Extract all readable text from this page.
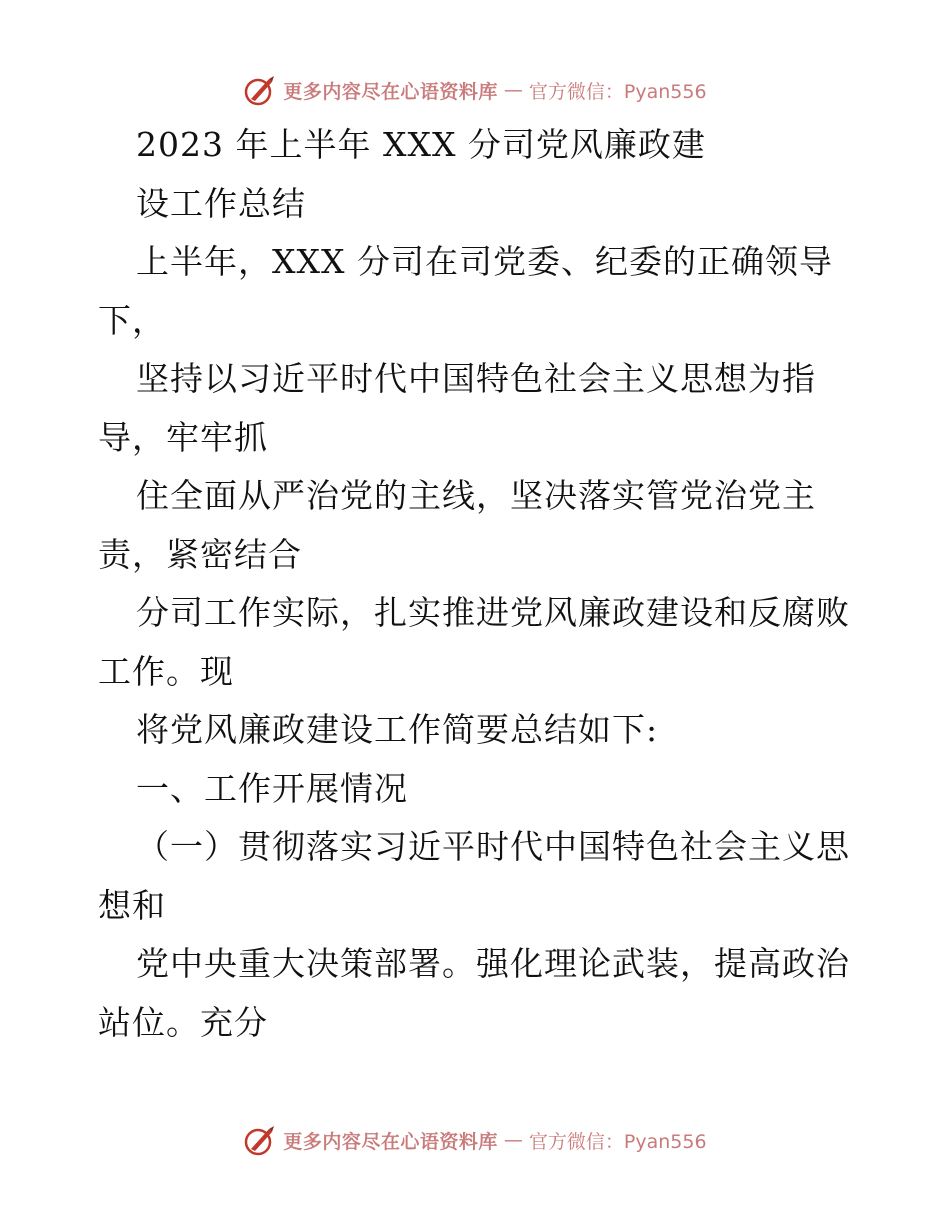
更多内容尽在心语资料库 — 官方微信：Pyan556
2023 年上半年 XXX 分司党风廉政建
设工作总结
上半年，XXX 分司在司党委、纪委的正确领导
下，
坚持以习近平时代中国特色社会主义思想为指
导，牢牢抓
住全面从严治党的主线，坚决落实管党治党主
责，紧密结合
分司工作实际，扎实推进党风廉政建设和反腐败
工作。现
将党风廉政建设工作简要总结如下:
一、工作开展情况
（一）贯彻落实习近平时代中国特色社会主义思
想和
党中央重大决策部署。强化理论武装，提高政治
站位。充分
更多内容尽在心语资料库 — 官方微信：Pyan556
